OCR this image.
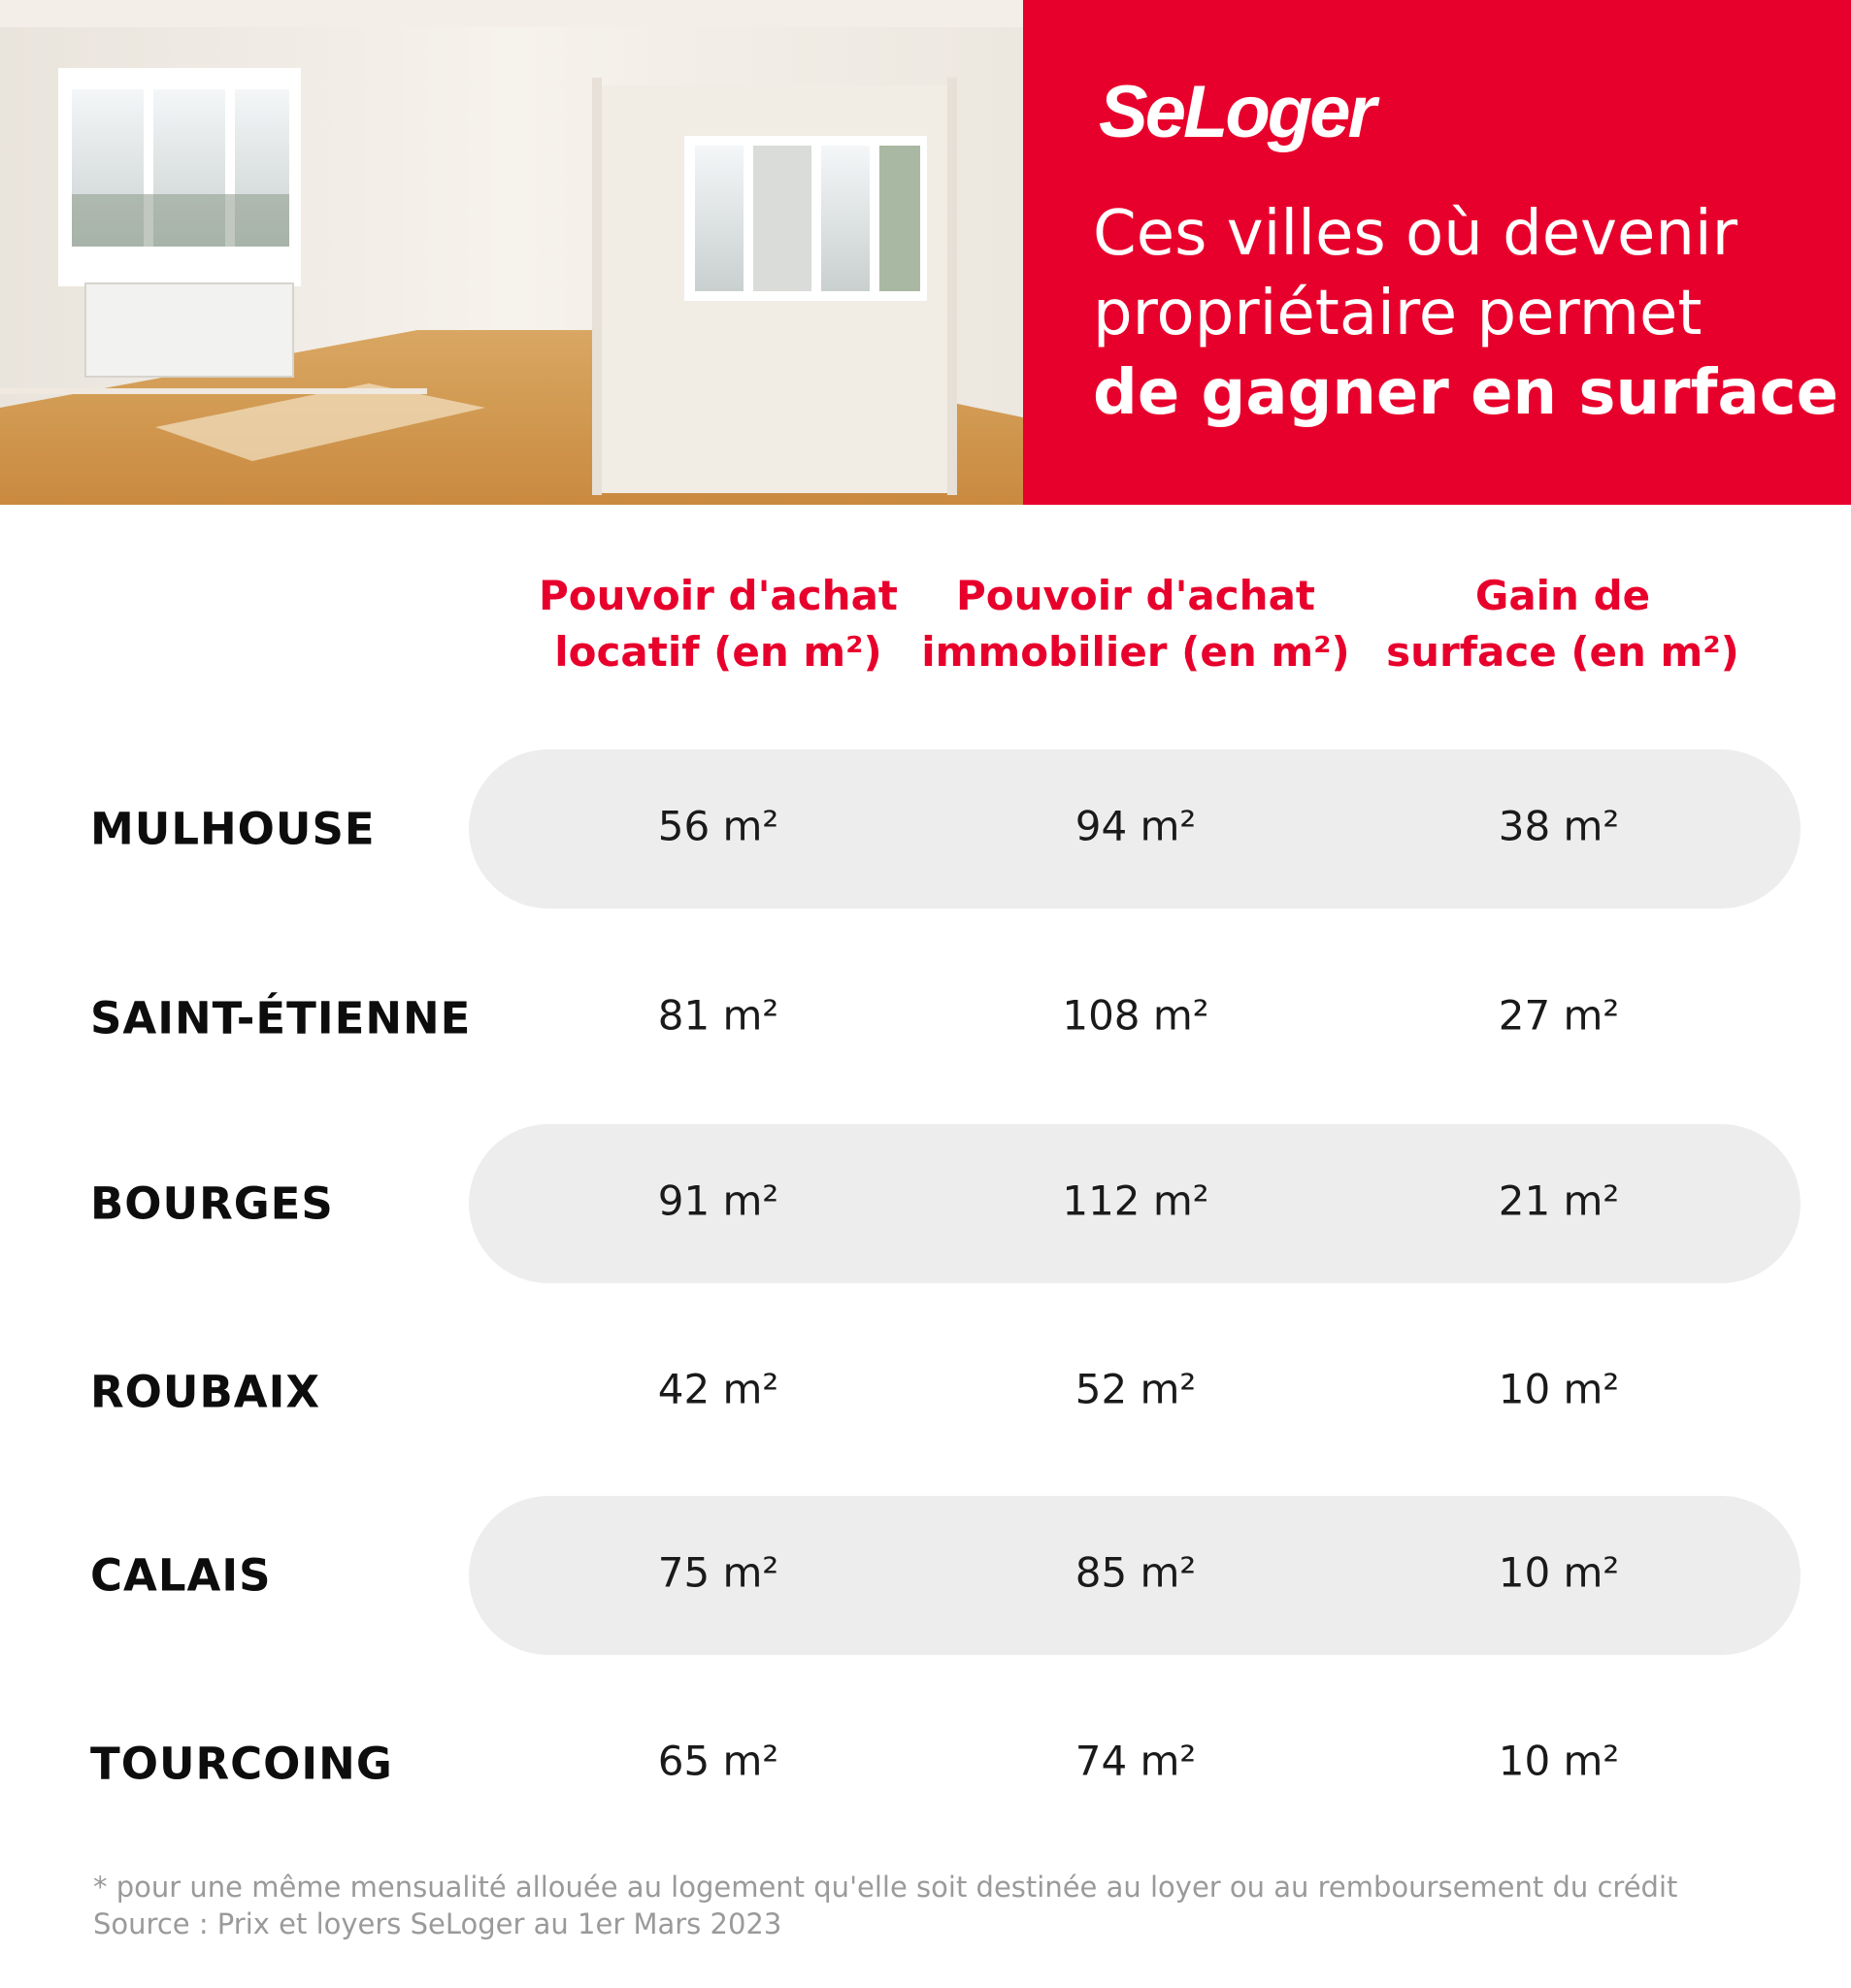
SeLoger
Ces villes où devenir
propriétaire permet
de gagner en surface
Pouvoir d'achat
locatif (en m²)
Pouvoir d'achat
immobilier (en m²)
Gain de
surface (en m²)
MULHOUSE	56 m²	94 m²	38 m²
SAINT-ÉTIENNE	81 m²	108 m²	27 m²
BOURGES	91 m²	112 m²	21 m²
ROUBAIX	42 m²	52 m²	10 m²
CALAIS	75 m²	85 m²	10 m²
TOURCOING	65 m²	74 m²	10 m²
* pour une même mensualité allouée au logement qu'elle soit destinée au loyer ou au remboursement du crédit
Source : Prix et loyers SeLoger au 1er Mars 2023
